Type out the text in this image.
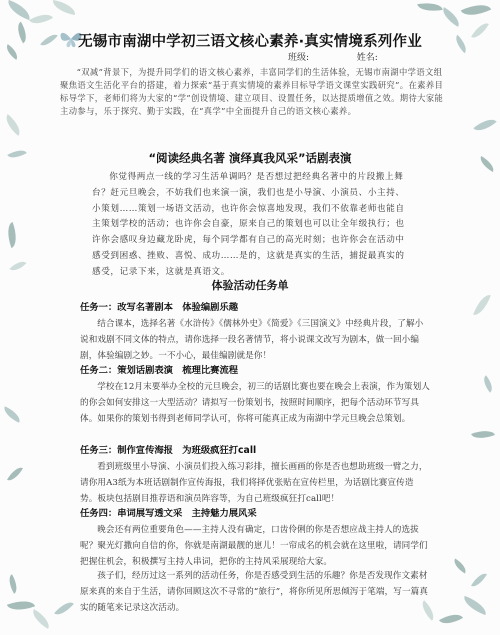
无锡市南湖中学初三语文核心素养·真实情境系列作业
班级:	姓名:

“双减”背景下，为提升同学们的语文核心素养，丰富同学们的生活体验，无锡市南湖中学语文组聚焦语文生活化平台的搭建，着力探索“基于真实情境的素养目标导学语文课堂实践研究”。在素养目标导学下，老师们将为大家的“学”创设情境、建立项目、设置任务，以达提质增值之效。期待大家能主动参与，乐于探究、勤于实践，在“真学”中全面提升自己的语文核心素养。

“阅读经典名著 演绎真我风采”话剧表演

你觉得两点一线的学习生活单调吗？是否想过把经典名著中的片段搬上舞台？赶元旦晚会，不妨我们也来演一演，我们也是小导演、小演员、小主持、小策划……策划一场语文活动，也许你会惊喜地发现，我们不依靠老师也能自主策划学校的活动；也许你会自豪，原来自己的策划也可以让全年级执行；也许你会感叹身边藏龙卧虎，每个同学都有自己的高光时刻；也许你会在活动中感受到困惑、挫败、喜悦、成功……是的，这就是真实的生活，捕捉最真实的感受，记录下来，这就是真语文。

体验活动任务单
任务一：改写名著剧本　体验编剧乐趣

结合课本，选择名著《水浒传》《儒林外史》《简爱》《三国演义》中经典片段，了解小说和戏剧不同文体的特点，请你选择一段名著情节，将小说课文改写为剧本，做一回小编剧，体验编剧之妙。一不小心，最佳编剧就是你！

任务二：策划话剧表演　梳理比赛流程

学校在12月末要举办全校的元旦晚会，初三的话剧比赛也要在晚会上表演，作为策划人的你会如何安排这一大型活动？请拟写一份策划书，按照时间顺序，把每个活动环节写具体。如果你的策划书得到老师同学认可，你将可能真正成为南湖中学元旦晚会总策划。

任务三：制作宣传海报　为班级疯狂打call

看到班级里小导演、小演员们投入练习彩排，擅长画画的你是否也想助班级一臂之力，请你用A3纸为本班话剧制作宣传海报，我们将择优张贴在宣传栏里，为话剧比赛宣传造势。板块包括剧目推荐语和演员阵容等，为自己班级疯狂打call吧！

任务四：串词展写透文采　主持魅力展风采

晚会还有两位重要角色——主持人没有确定，口齿伶俐的你是否想应战主持人的选拔呢？聚光灯撒向自信的你，你就是南湖最靓的崽儿！一帘成名的机会就在这里啦，请同学们把握住机会，积极撰写主持人串词，把你的主持风采展现给大家。

孩子们，经历过这一系列的活动任务，你是否感受到生活的乐趣？你是否发现作文素材原来真的来自于生活，请你回顾这次不寻常的“旅行”，将你所见所思倾泻于笔端，写一篇真实的随笔来记录这次活动。
